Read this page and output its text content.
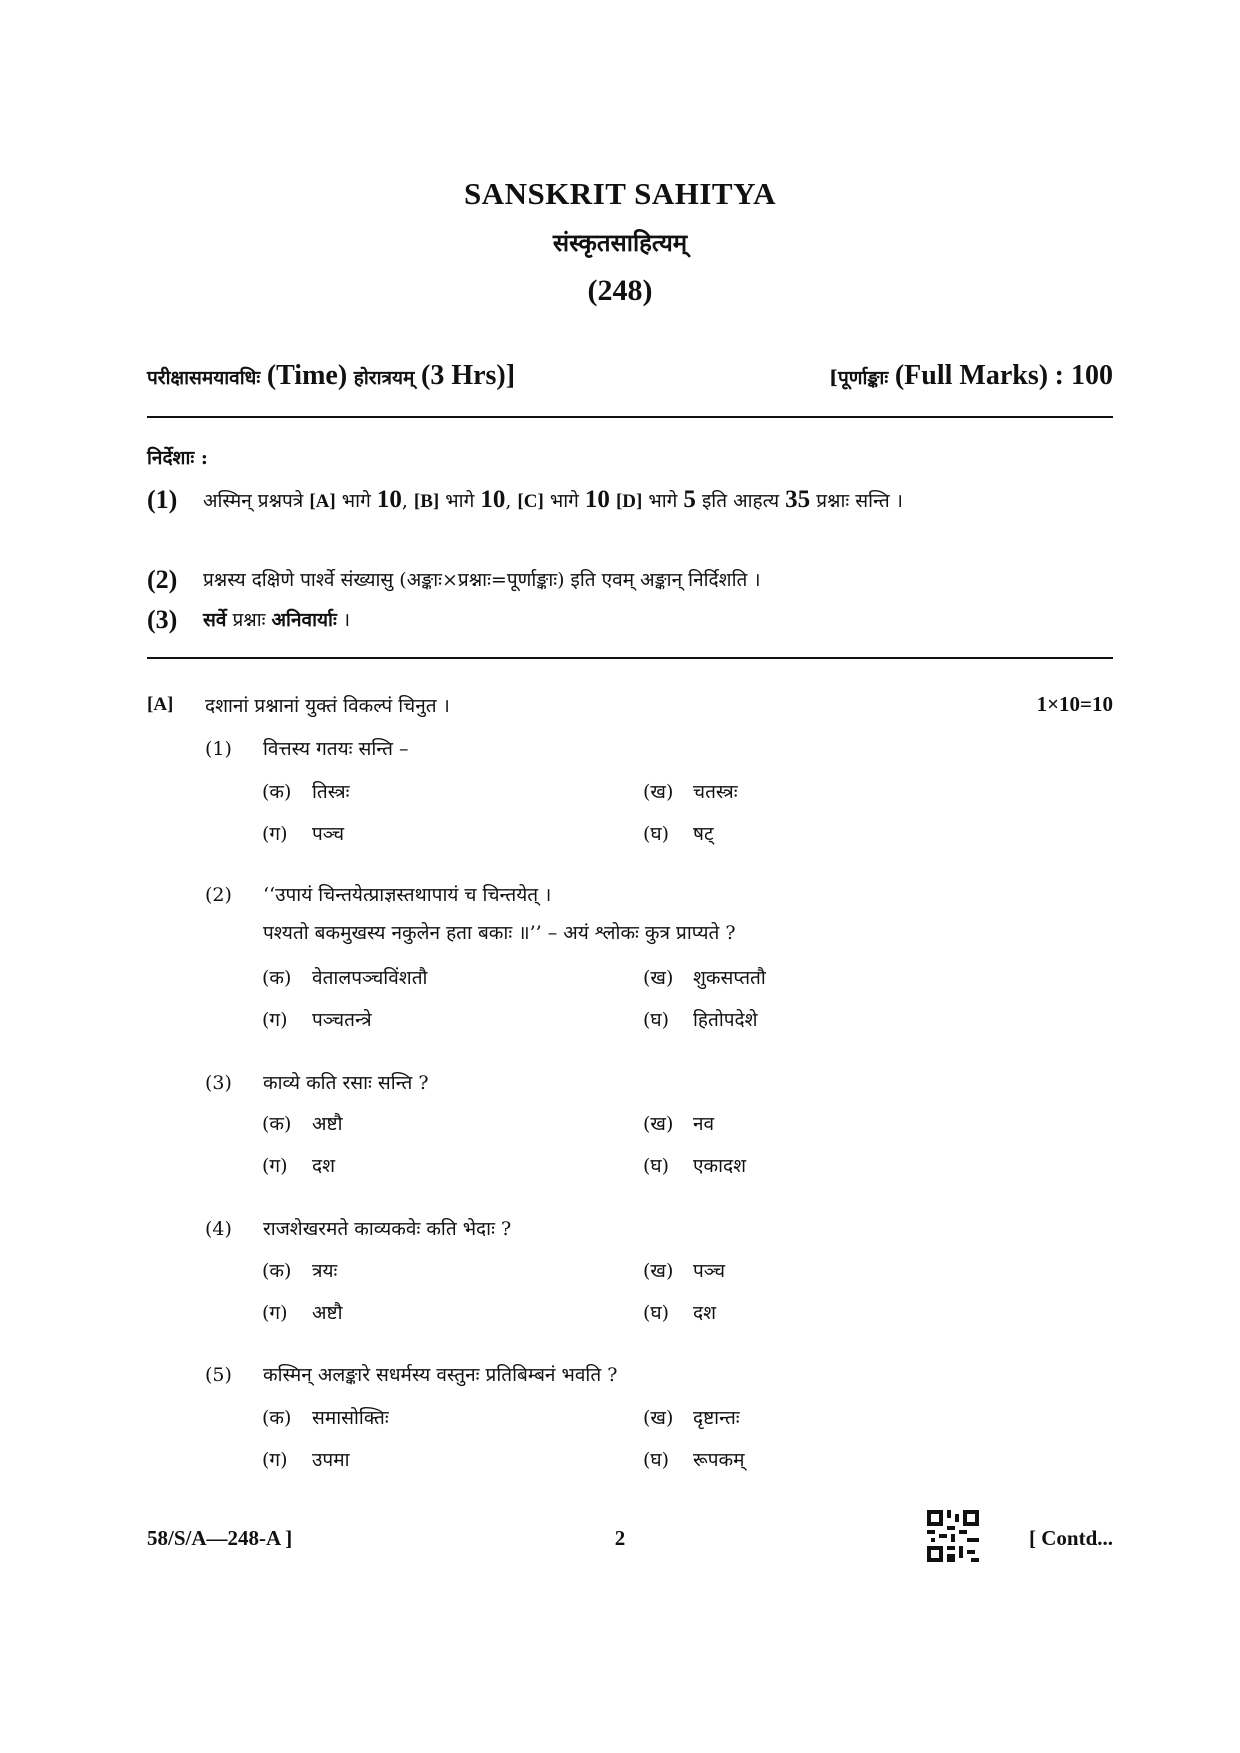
SANSKRIT SAHITYA
संस्कृतसाहित्यम्
(248)
परीक्षासमयावधिः (Time) होरात्रयम् (3 Hrs)]	[पूर्णाङ्काः (Full Marks) : 100
निर्देशाः :
(1) अस्मिन् प्रश्नपत्रे [A] भागे 10, [B] भागे 10, [C] भागे 10 [D] भागे 5 इति आहत्य 35 प्रश्नाः सन्ति ।
(2) प्रश्नस्य दक्षिणे पार्श्वे संख्यासु (अङ्काः×प्रश्नाः=पूर्णाङ्काः) इति एवम् अङ्कान् निर्दिशति ।
(3) सर्वे प्रश्नाः अनिवार्याः ।
[A] दशानां प्रश्नानां युक्तं विकल्पं चिनुत ।	1×10=10
(1) वित्तस्य गतयः सन्ति –
(क) तिस्त्रः	(ख) चतस्त्रः
(ग) पञ्च	(घ) षट्
(2) ‘‘उपायं चिन्तयेत्प्राज्ञस्तथापायं च चिन्तयेत् ।
पश्यतो बकमुखस्य नकुलेन हता बकाः ॥’’ – अयं श्लोकः कुत्र प्राप्यते ?
(क) वेतालपञ्चविंशतौ	(ख) शुकसप्ततौ
(ग) पञ्चतन्त्रे	(घ) हितोपदेशे
(3) काव्ये कति रसाः सन्ति ?
(क) अष्टौ	(ख) नव
(ग) दश	(घ) एकादश
(4) राजशेखरमते काव्यकवेः कति भेदाः ?
(क) त्रयः	(ख) पञ्च
(ग) अष्टौ	(घ) दश
(5) कस्मिन् अलङ्कारे सधर्मस्य वस्तुनः प्रतिबिम्बनं भवति ?
(क) समासोक्तिः	(ख) दृष्टान्तः
(ग) उपमा	(घ) रूपकम्
58/S/A—248-A ]	2	[ Contd...
